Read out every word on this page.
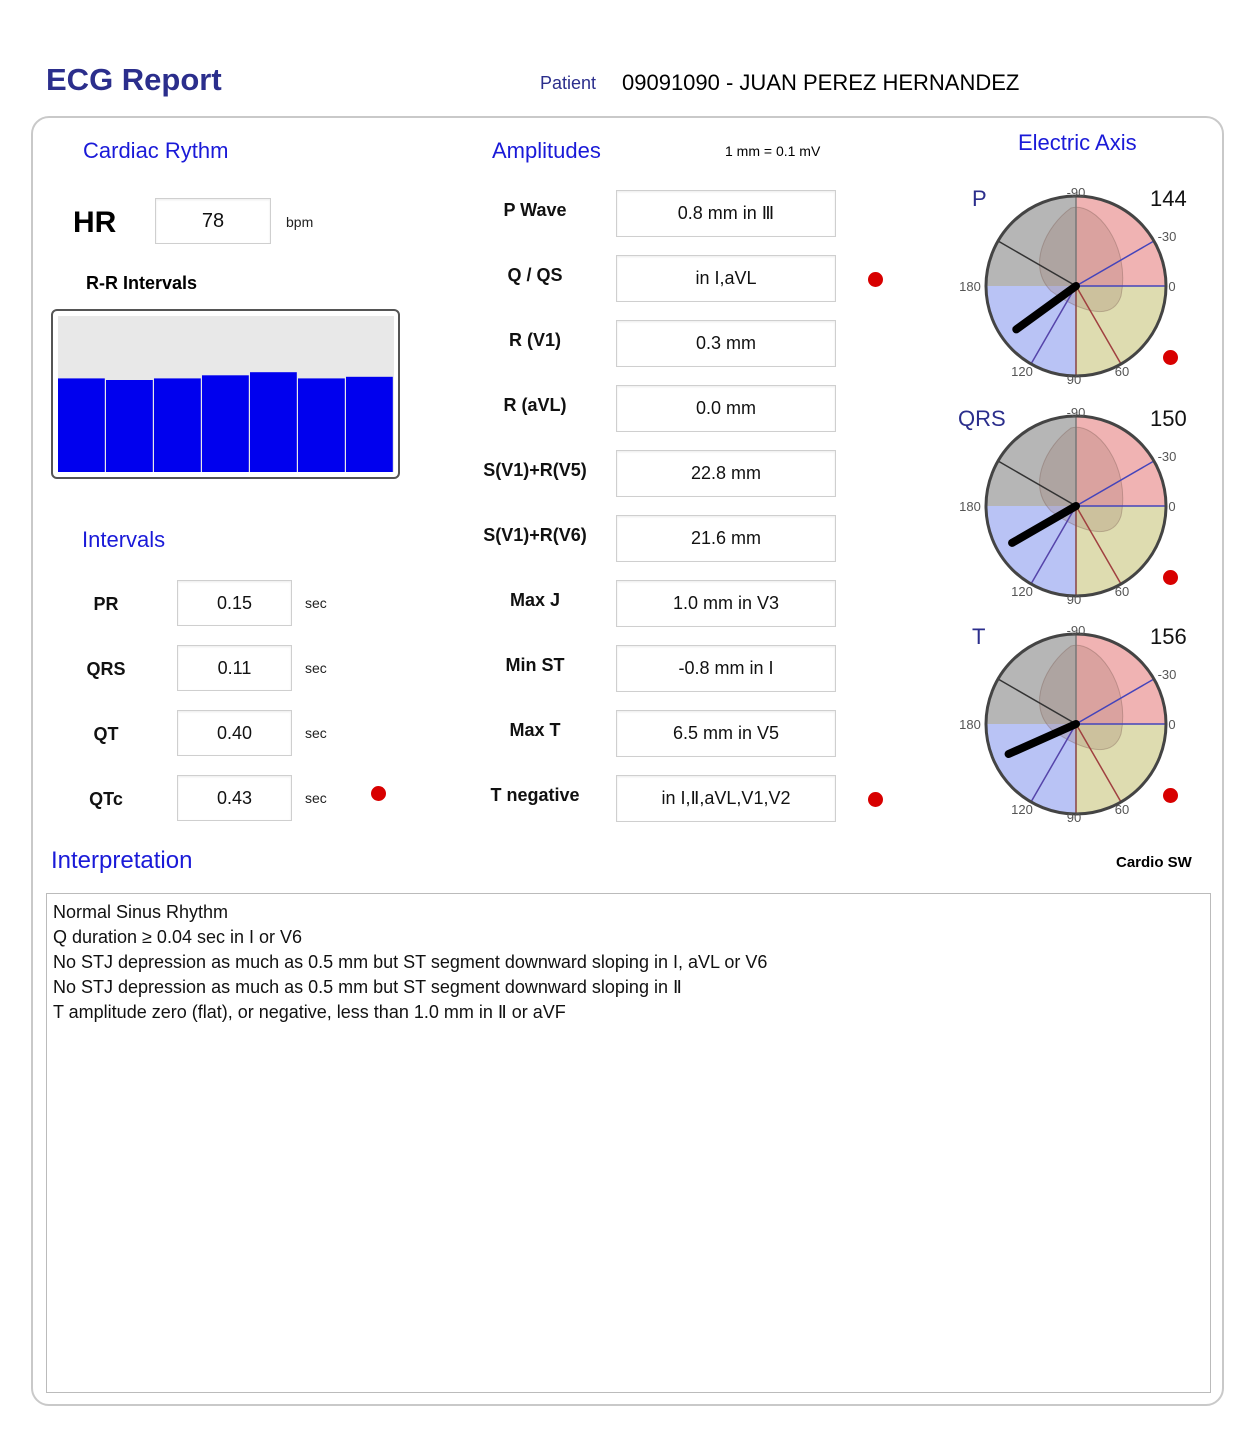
ECG Report	Patient 09091090 - JUAN PEREZ HERNANDEZ
Cardiac Rythm
HR	78	bpm
R-R Intervals
Intervals
PR	0.15	sec
QRS	0.11	sec
QT	0.40	sec
QTc	0.43	sec
Amplitudes	1 mm = 0.1 mV
P Wave	0.8 mm in Ⅲ
Q / QS	in I,aVL
R (V1)	0.3 mm
R (aVL)	0.0 mm
S(V1)+R(V5)	22.8 mm
S(V1)+R(V6)	21.6 mm
Max J	1.0 mm in V3
Min ST	-0.8 mm in I
Max T	6.5 mm in V5
T negative	in I,Ⅱ,aVL,V1,V2
Electric Axis
P	144
-90
-30
0
180
120
90
60
QRS	150
-90
-30
0
180
120
90
60
T	156
-90
-30
0
180
120
90
60
Interpretation	Cardio SW
Normal Sinus Rhythm
Q duration ≥ 0.04 sec in I or V6
No STJ depression as much as 0.5 mm but ST segment downward sloping in I, aVL or V6
No STJ depression as much as 0.5 mm but ST segment downward sloping in Ⅱ
T amplitude zero (flat), or negative, less than 1.0 mm in Ⅱ or aVF
